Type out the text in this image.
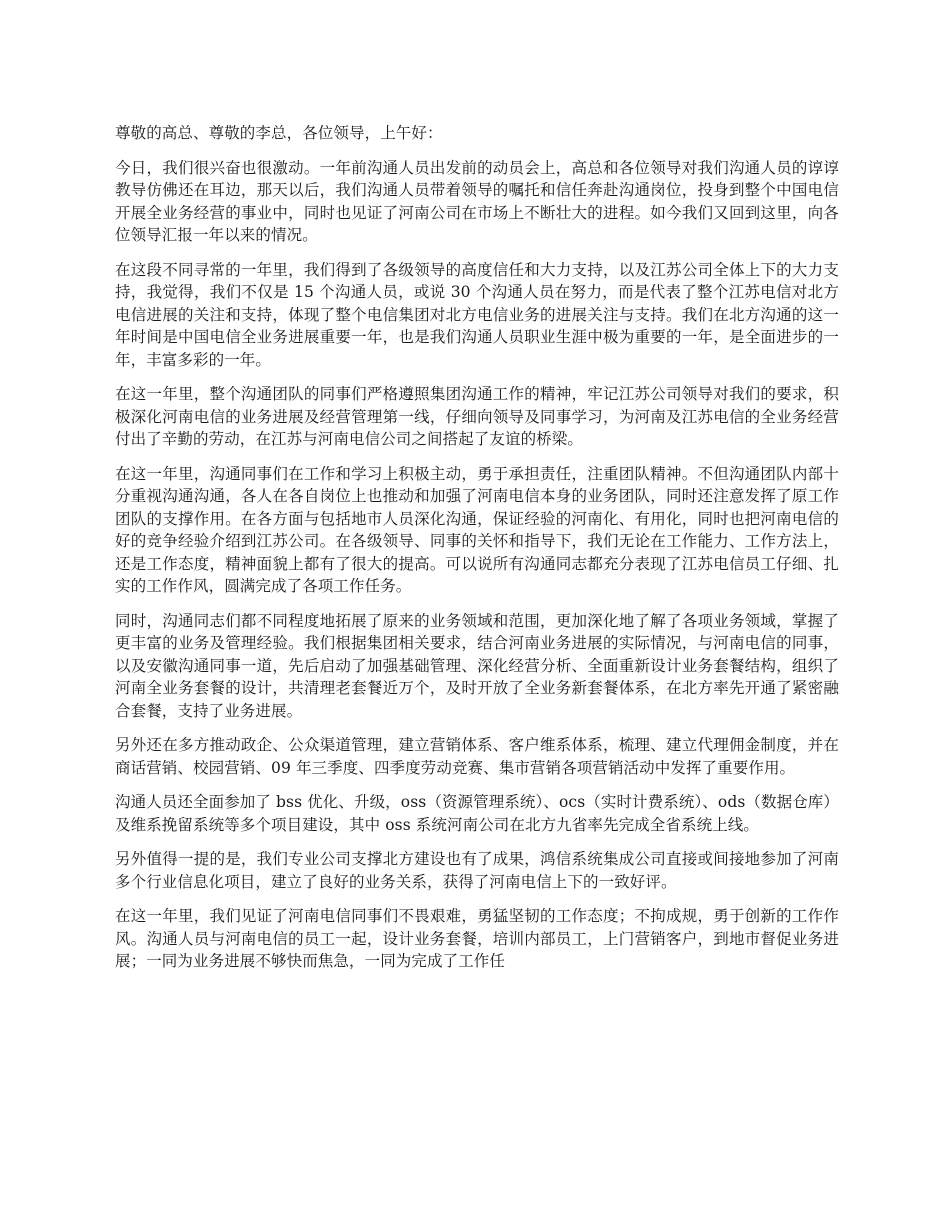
尊敬的高总、尊敬的李总，各位领导，上午好：

今日，我们很兴奋也很激动。一年前沟通人员出发前的动员会上，高总和各位领导对我们沟通人员的谆谆教导仿佛还在耳边，那天以后，我们沟通人员带着领导的嘱托和信任奔赴沟通岗位，投身到整个中国电信开展全业务经营的事业中，同时也见证了河南公司在市场上不断壮大的进程。如今我们又回到这里，向各位领导汇报一年以来的情况。

在这段不同寻常的一年里，我们得到了各级领导的高度信任和大力支持，以及江苏公司全体上下的大力支持，我觉得，我们不仅是 15 个沟通人员，或说 30 个沟通人员在努力，而是代表了整个江苏电信对北方电信进展的关注和支持，体现了整个电信集团对北方电信业务的进展关注与支持。我们在北方沟通的这一年时间是中国电信全业务进展重要一年，也是我们沟通人员职业生涯中极为重要的一年，是全面进步的一年，丰富多彩的一年。

在这一年里，整个沟通团队的同事们严格遵照集团沟通工作的精神，牢记江苏公司领导对我们的要求，积极深化河南电信的业务进展及经营管理第一线，仔细向领导及同事学习，为河南及江苏电信的全业务经营付出了辛勤的劳动，在江苏与河南电信公司之间搭起了友谊的桥梁。

在这一年里，沟通同事们在工作和学习上积极主动，勇于承担责任，注重团队精神。不但沟通团队内部十分重视沟通沟通，各人在各自岗位上也推动和加强了河南电信本身的业务团队，同时还注意发挥了原工作团队的支撑作用。在各方面与包括地市人员深化沟通，保证经验的河南化、有用化，同时也把河南电信的好的竞争经验介绍到江苏公司。在各级领导、同事的关怀和指导下，我们无论在工作能力、工作方法上，还是工作态度，精神面貌上都有了很大的提高。可以说所有沟通同志都充分表现了江苏电信员工仔细、扎实的工作作风，圆满完成了各项工作任务。

同时，沟通同志们都不同程度地拓展了原来的业务领域和范围，更加深化地了解了各项业务领域，掌握了更丰富的业务及管理经验。我们根据集团相关要求，结合河南业务进展的实际情况，与河南电信的同事，以及安徽沟通同事一道，先后启动了加强基础管理、深化经营分析、全面重新设计业务套餐结构，组织了河南全业务套餐的设计，共清理老套餐近万个，及时开放了全业务新套餐体系，在北方率先开通了紧密融合套餐，支持了业务进展。

另外还在多方推动政企、公众渠道管理，建立营销体系、客户维系体系，梳理、建立代理佣金制度，并在商话营销、校园营销、09 年三季度、四季度劳动竞赛、集市营销各项营销活动中发挥了重要作用。

沟通人员还全面参加了 bss 优化、升级，oss（资源管理系统）、ocs（实时计费系统）、ods（数据仓库）及维系挽留系统等多个项目建设，其中 oss 系统河南公司在北方九省率先完成全省系统上线。

另外值得一提的是，我们专业公司支撑北方建设也有了成果，鸿信系统集成公司直接或间接地参加了河南多个行业信息化项目，建立了良好的业务关系，获得了河南电信上下的一致好评。

在这一年里，我们见证了河南电信同事们不畏艰难，勇猛坚韧的工作态度；不拘成规，勇于创新的工作作风。沟通人员与河南电信的员工一起，设计业务套餐，培训内部员工，上门营销客户，到地市督促业务进展；一同为业务进展不够快而焦急，一同为完成了工作任
